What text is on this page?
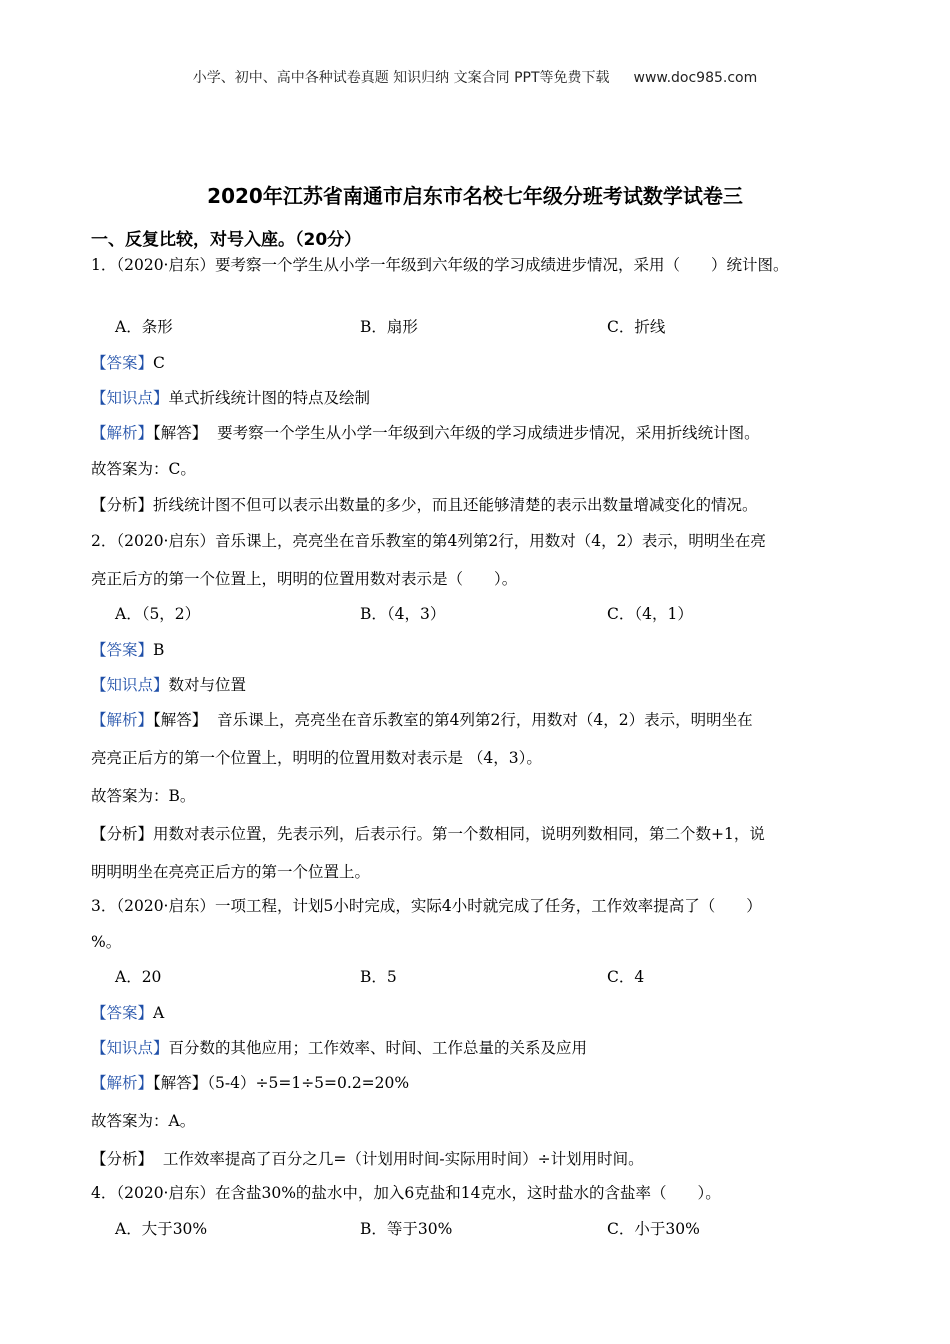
小学、初中、高中各种试卷真题 知识归纳 文案合同 PPT等免费下载 www.doc985.com
2020年江苏省南通市启东市名校七年级分班考试数学试卷三

一、反复比较，对号入座。（20分）

1．（2020·启东）要考察一个学生从小学一年级到六年级的学习成绩进步情况，采用（　　）统计图。

A．条形	B．扇形	C．折线

【答案】C

【知识点】单式折线统计图的特点及绘制

【解析】【解答】 要考察一个学生从小学一年级到六年级的学习成绩进步情况，采用折线统计图。

故答案为：C。

【分析】折线统计图不但可以表示出数量的多少，而且还能够清楚的表示出数量增减变化的情况。

2．（2020·启东）音乐课上，亮亮坐在音乐教室的第4列第2行，用数对（4，2）表示，明明坐在亮

亮正后方的第一个位置上，明明的位置用数对表示是（　　）。

A．（5，2）	B．（4，3）	C．（4，1）

【答案】B

【知识点】数对与位置

【解析】【解答】 音乐课上，亮亮坐在音乐教室的第4列第2行，用数对（4，2）表示，明明坐在

亮亮正后方的第一个位置上，明明的位置用数对表示是 （4，3）。

故答案为：B。

【分析】用数对表示位置，先表示列，后表示行。第一个数相同，说明列数相同，第二个数+1，说

明明明坐在亮亮正后方的第一个位置上。

3．（2020·启东）一项工程，计划5小时完成，实际4小时就完成了任务，工作效率提高了（　　）

%。

A．20	B．5	C．4

【答案】A

【知识点】百分数的其他应用；工作效率、时间、工作总量的关系及应用

【解析】【解答】（5-4）÷5=1÷5=0.2=20%

故答案为：A。

【分析】 工作效率提高了百分之几=（计划用时间-实际用时间）÷计划用时间。

4．（2020·启东）在含盐30%的盐水中，加入6克盐和14克水，这时盐水的含盐率（　　）。

A．大于30%	B．等于30%	C．小于30%
